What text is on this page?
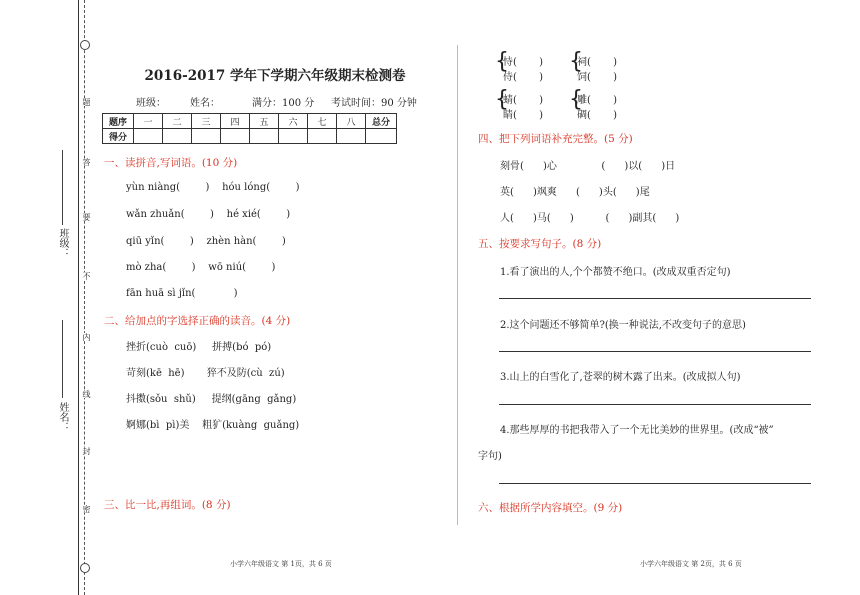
题
答
要
不
内
线
封
密
班级：
姓名：
2016-2017 学年下学期六年级期末检测卷
班级： 姓名：	满分：100 分 考试时间：90 分钟
题序	一	二	三	四	五	六	七	八	总分
得分									
一、读拼音,写词语。(10 分)
yùn niàng(        )    hóu lóng(        )
wǎn zhuǎn(        )    hé xié(        )
qiū yǐn(        )    zhèn hàn(        )
mò zha(        )    wō niú(        )
fān huā sì jǐn(            )
二、给加点的字选择正确的读音。(4 分)
挫折(cuò  cuō)     拼搏(bó  pó)
苛刻(kē  hē)       猝不及防(cù  zú)
抖擞(sǒu  shǔ)     提纲(gāng  gǎng)
婀娜(bì  pì)美    粗犷(kuàng  guǎng)
三、比一比,再组词。(8 分)
{
恃(       )
侍(       )
{
祠(       )
饲(       )
{
蜻(       )
睛(       )
{
雕(       )
碉(       )
四、把下列词语补充完整。(5 分)
刻骨(      )心              (      )以(      )日
英(      )飒爽      (      )头(      )尾
人(      )马(      )          (      )副其(      )
五、按要求写句子。(8 分)
1.看了演出的人,个个都赞不绝口。(改成双重否定句)
2.这个问题还不够简单?(换一种说法,不改变句子的意思)
3.山上的白雪化了,苍翠的树木露了出来。(改成拟人句)
4.那些厚厚的书把我带入了一个无比美妙的世界里。(改成“被”
字句)
六、根据所学内容填空。(9 分)
小学六年级语文 第 1页，共 6 页	小学六年级语文 第 2页，共 6 页
